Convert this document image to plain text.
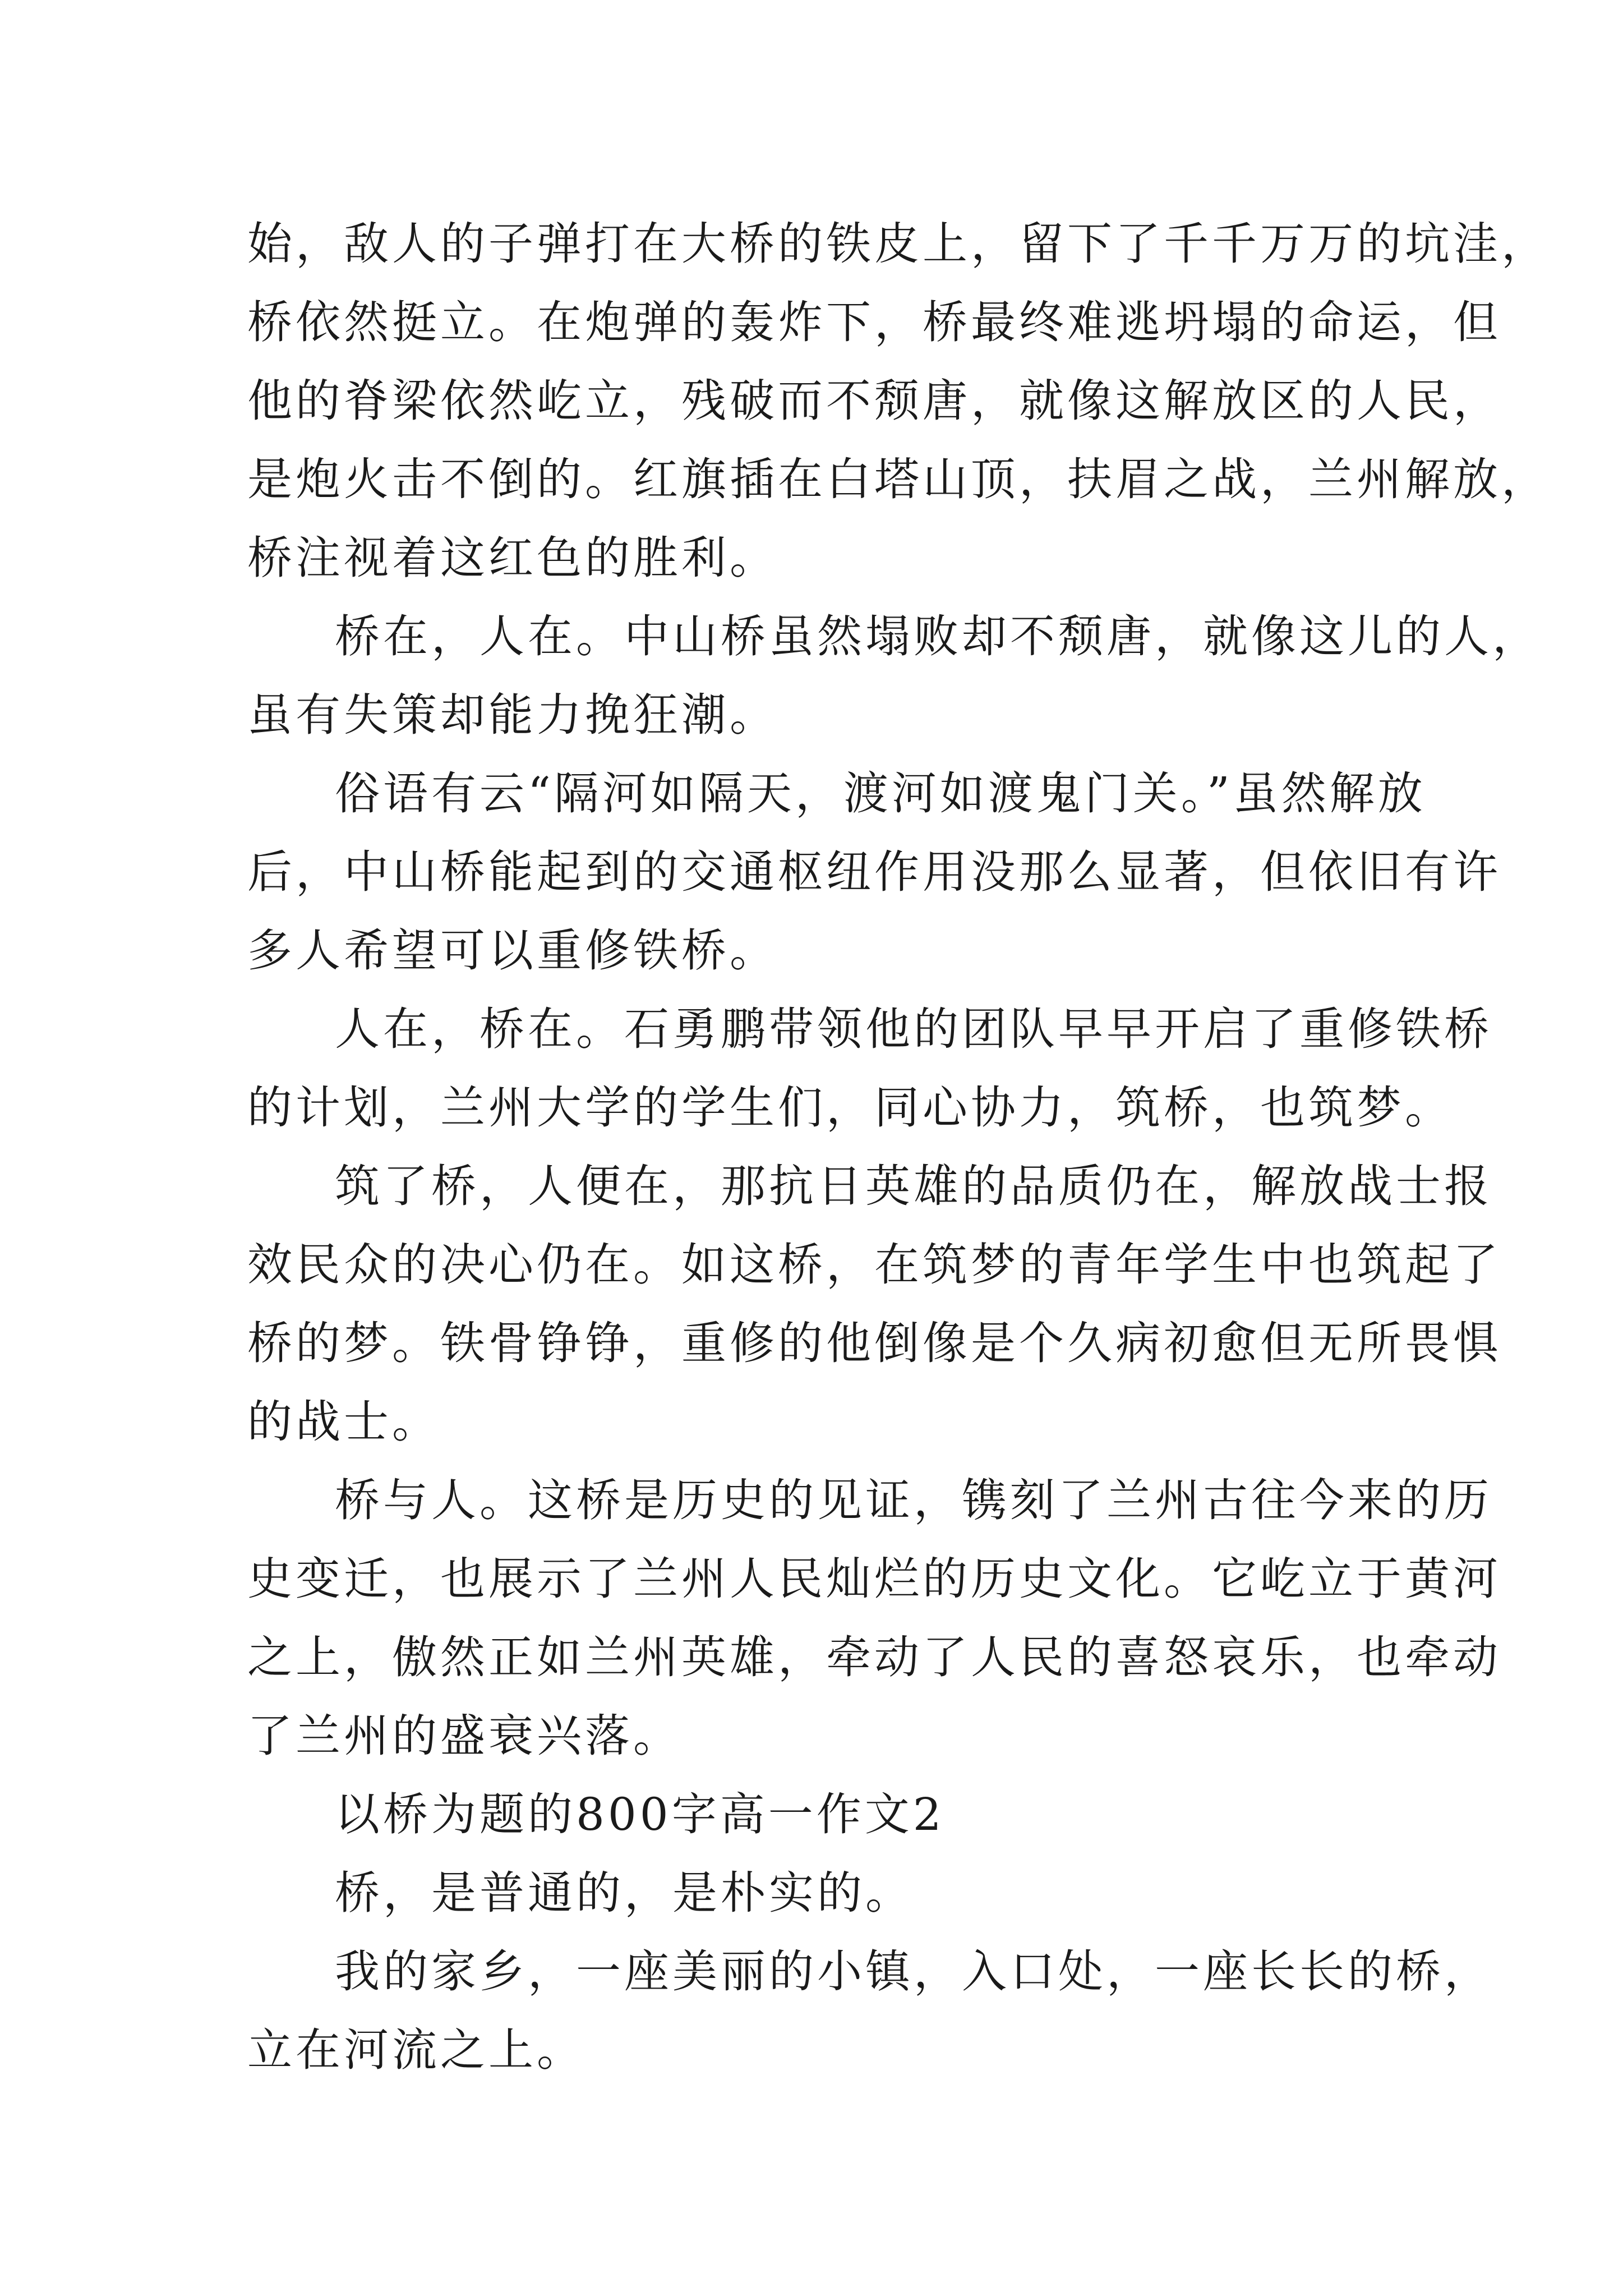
始，敌人的子弹打在大桥的铁皮上，留下了千千万万的坑洼，
桥依然挺立。在炮弹的轰炸下，桥最终难逃坍塌的命运，但
他的脊梁依然屹立，残破而不颓唐，就像这解放区的人民，
是炮火击不倒的。红旗插在白塔山顶，扶眉之战，兰州解放，
桥注视着这红色的胜利。
桥在，人在。中山桥虽然塌败却不颓唐，就像这儿的人，
虽有失策却能力挽狂潮。
俗语有云“隔河如隔天，渡河如渡鬼门关。”虽然解放
后，中山桥能起到的交通枢纽作用没那么显著，但依旧有许
多人希望可以重修铁桥。
人在，桥在。石勇鹏带领他的团队早早开启了重修铁桥
的计划，兰州大学的学生们，同心协力，筑桥，也筑梦。
筑了桥，人便在，那抗日英雄的品质仍在，解放战士报
效民众的决心仍在。如这桥，在筑梦的青年学生中也筑起了
桥的梦。铁骨铮铮，重修的他倒像是个久病初愈但无所畏惧
的战士。
桥与人。这桥是历史的见证，镌刻了兰州古往今来的历
史变迁，也展示了兰州人民灿烂的历史文化。它屹立于黄河
之上，傲然正如兰州英雄，牵动了人民的喜怒哀乐，也牵动
了兰州的盛衰兴落。
以桥为题的800字高一作文2
桥，是普通的，是朴实的。
我的家乡，一座美丽的小镇，入口处，一座长长的桥，
立在河流之上。
